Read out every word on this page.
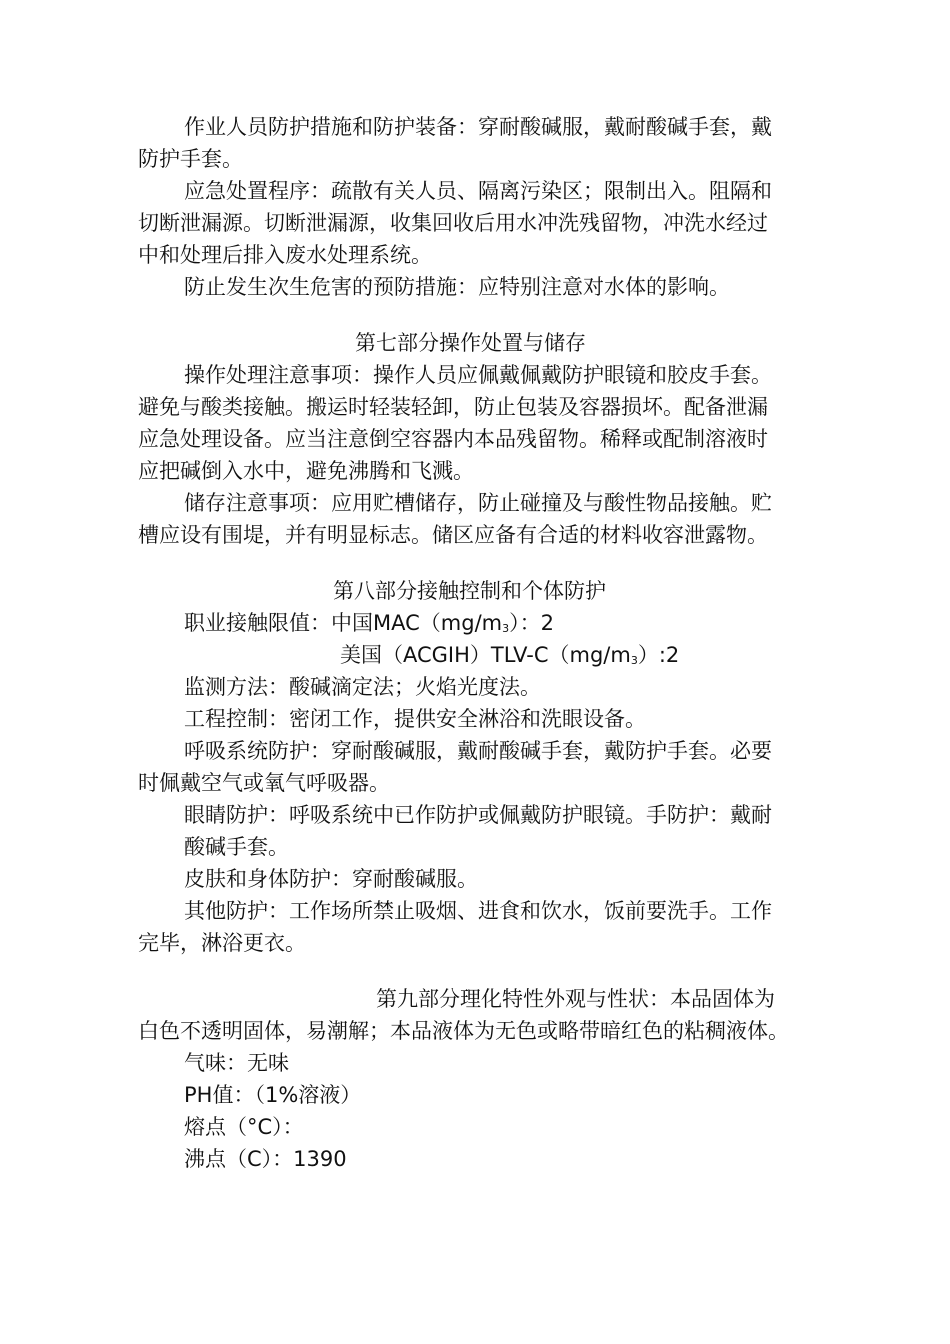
作业人员防护措施和防护装备：穿耐酸碱服，戴耐酸碱手套，戴
防护手套。
应急处置程序：疏散有关人员、隔离污染区；限制出入。阻隔和
切断泄漏源。切断泄漏源，收集回收后用水冲洗残留物，冲洗水经过
中和处理后排入废水处理系统。
防止发生次生危害的预防措施：应特别注意对水体的影响。
第七部分操作处置与储存
操作处理注意事项：操作人员应佩戴佩戴防护眼镜和胶皮手套。
避免与酸类接触。搬运时轻装轻卸，防止包装及容器损坏。配备泄漏
应急处理设备。应当注意倒空容器内本品残留物。稀释或配制溶液时
应把碱倒入水中，避免沸腾和飞溅。
储存注意事项：应用贮槽储存，防止碰撞及与酸性物品接触。贮
槽应设有围堤，并有明显标志。储区应备有合适的材料收容泄露物。
第八部分接触控制和个体防护
职业接触限值：中国$MAC(mg/m_3)$：2
美国$(ACGIH)TLV-C(mg/m_3):2$
监测方法：酸碱滴定法；火焰光度法。
工程控制：密闭工作，提供安全淋浴和洗眼设备。
呼吸系统防护：穿耐酸碱服，戴耐酸碱手套，戴防护手套。必要
时佩戴空气或氧气呼吸器。
眼睛防护：呼吸系统中已作防护或佩戴防护眼镜。手防护：戴耐
酸碱手套。
皮肤和身体防护：穿耐酸碱服。
其他防护：工作场所禁止吸烟、进食和饮水，饭前要洗手。工作
完毕，淋浴更衣。
第九部分理化特性外观与性状：本品固体为
白色不透明固体，易潮解；本品液体为无色或略带暗红色的粘稠液体。
气味：无味
PH值：（1%溶液）
熔点（°C）：
沸点（C）：1390
